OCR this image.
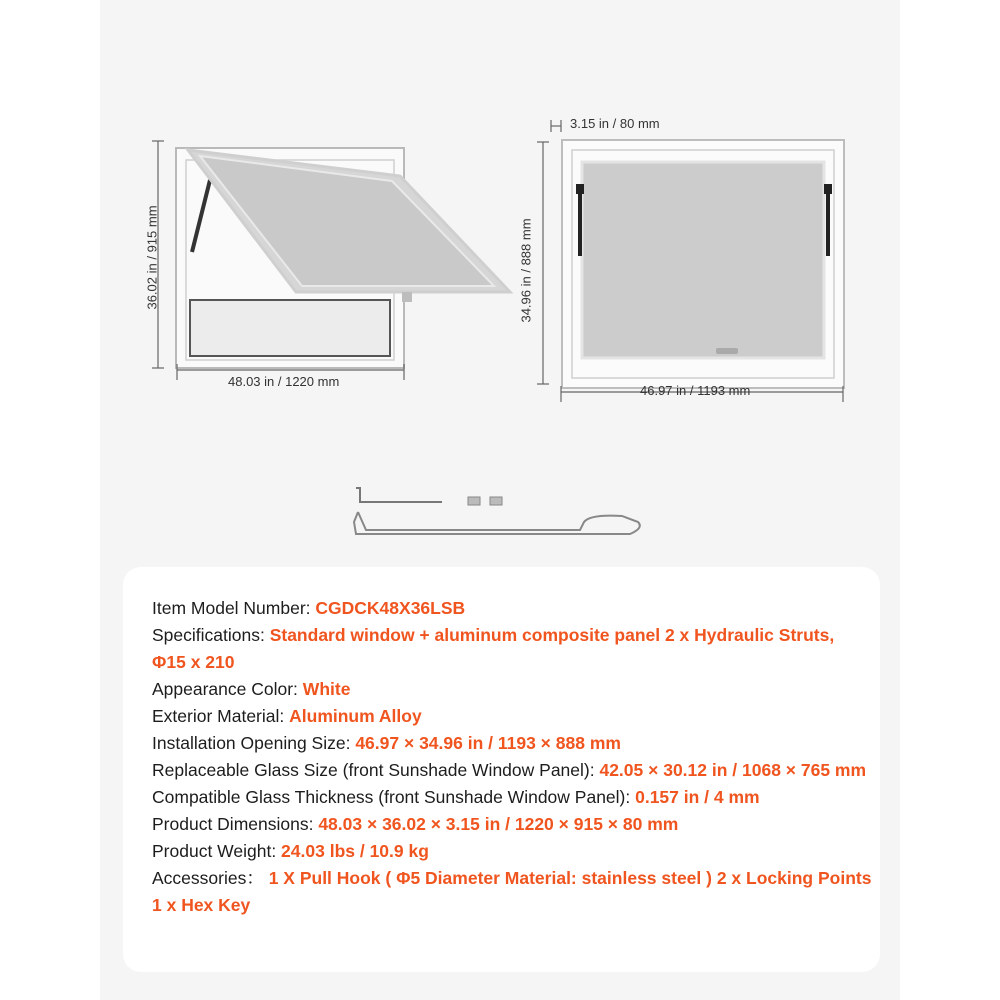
36.02 in / 915 mm
48.03 in / 1220 mm
3.15 in / 80 mm
34.96 in / 888 mm
46.97 in / 1193 mm

Item Model Number: CGDCK48X36LSB

Specifications: Standard window + aluminum composite panel 2 x Hydraulic Struts, Φ15 x 210

Appearance Color: White

Exterior Material: Aluminum Alloy

Installation Opening Size: 46.97 × 34.96 in / 1193 × 888 mm

Replaceable Glass Size (front Sunshade Window Panel): 42.05 × 30.12 in / 1068 × 765 mm

Compatible Glass Thickness (front Sunshade Window Panel): 0.157 in / 4 mm

Product Dimensions: 48.03 × 36.02 × 3.15 in / 1220 × 915 × 80 mm

Product Weight: 24.03 lbs / 10.9 kg

Accessories： 1 X Pull Hook ( Φ5 Diameter Material: stainless steel ) 2 x Locking Points 1 x Hex Key
